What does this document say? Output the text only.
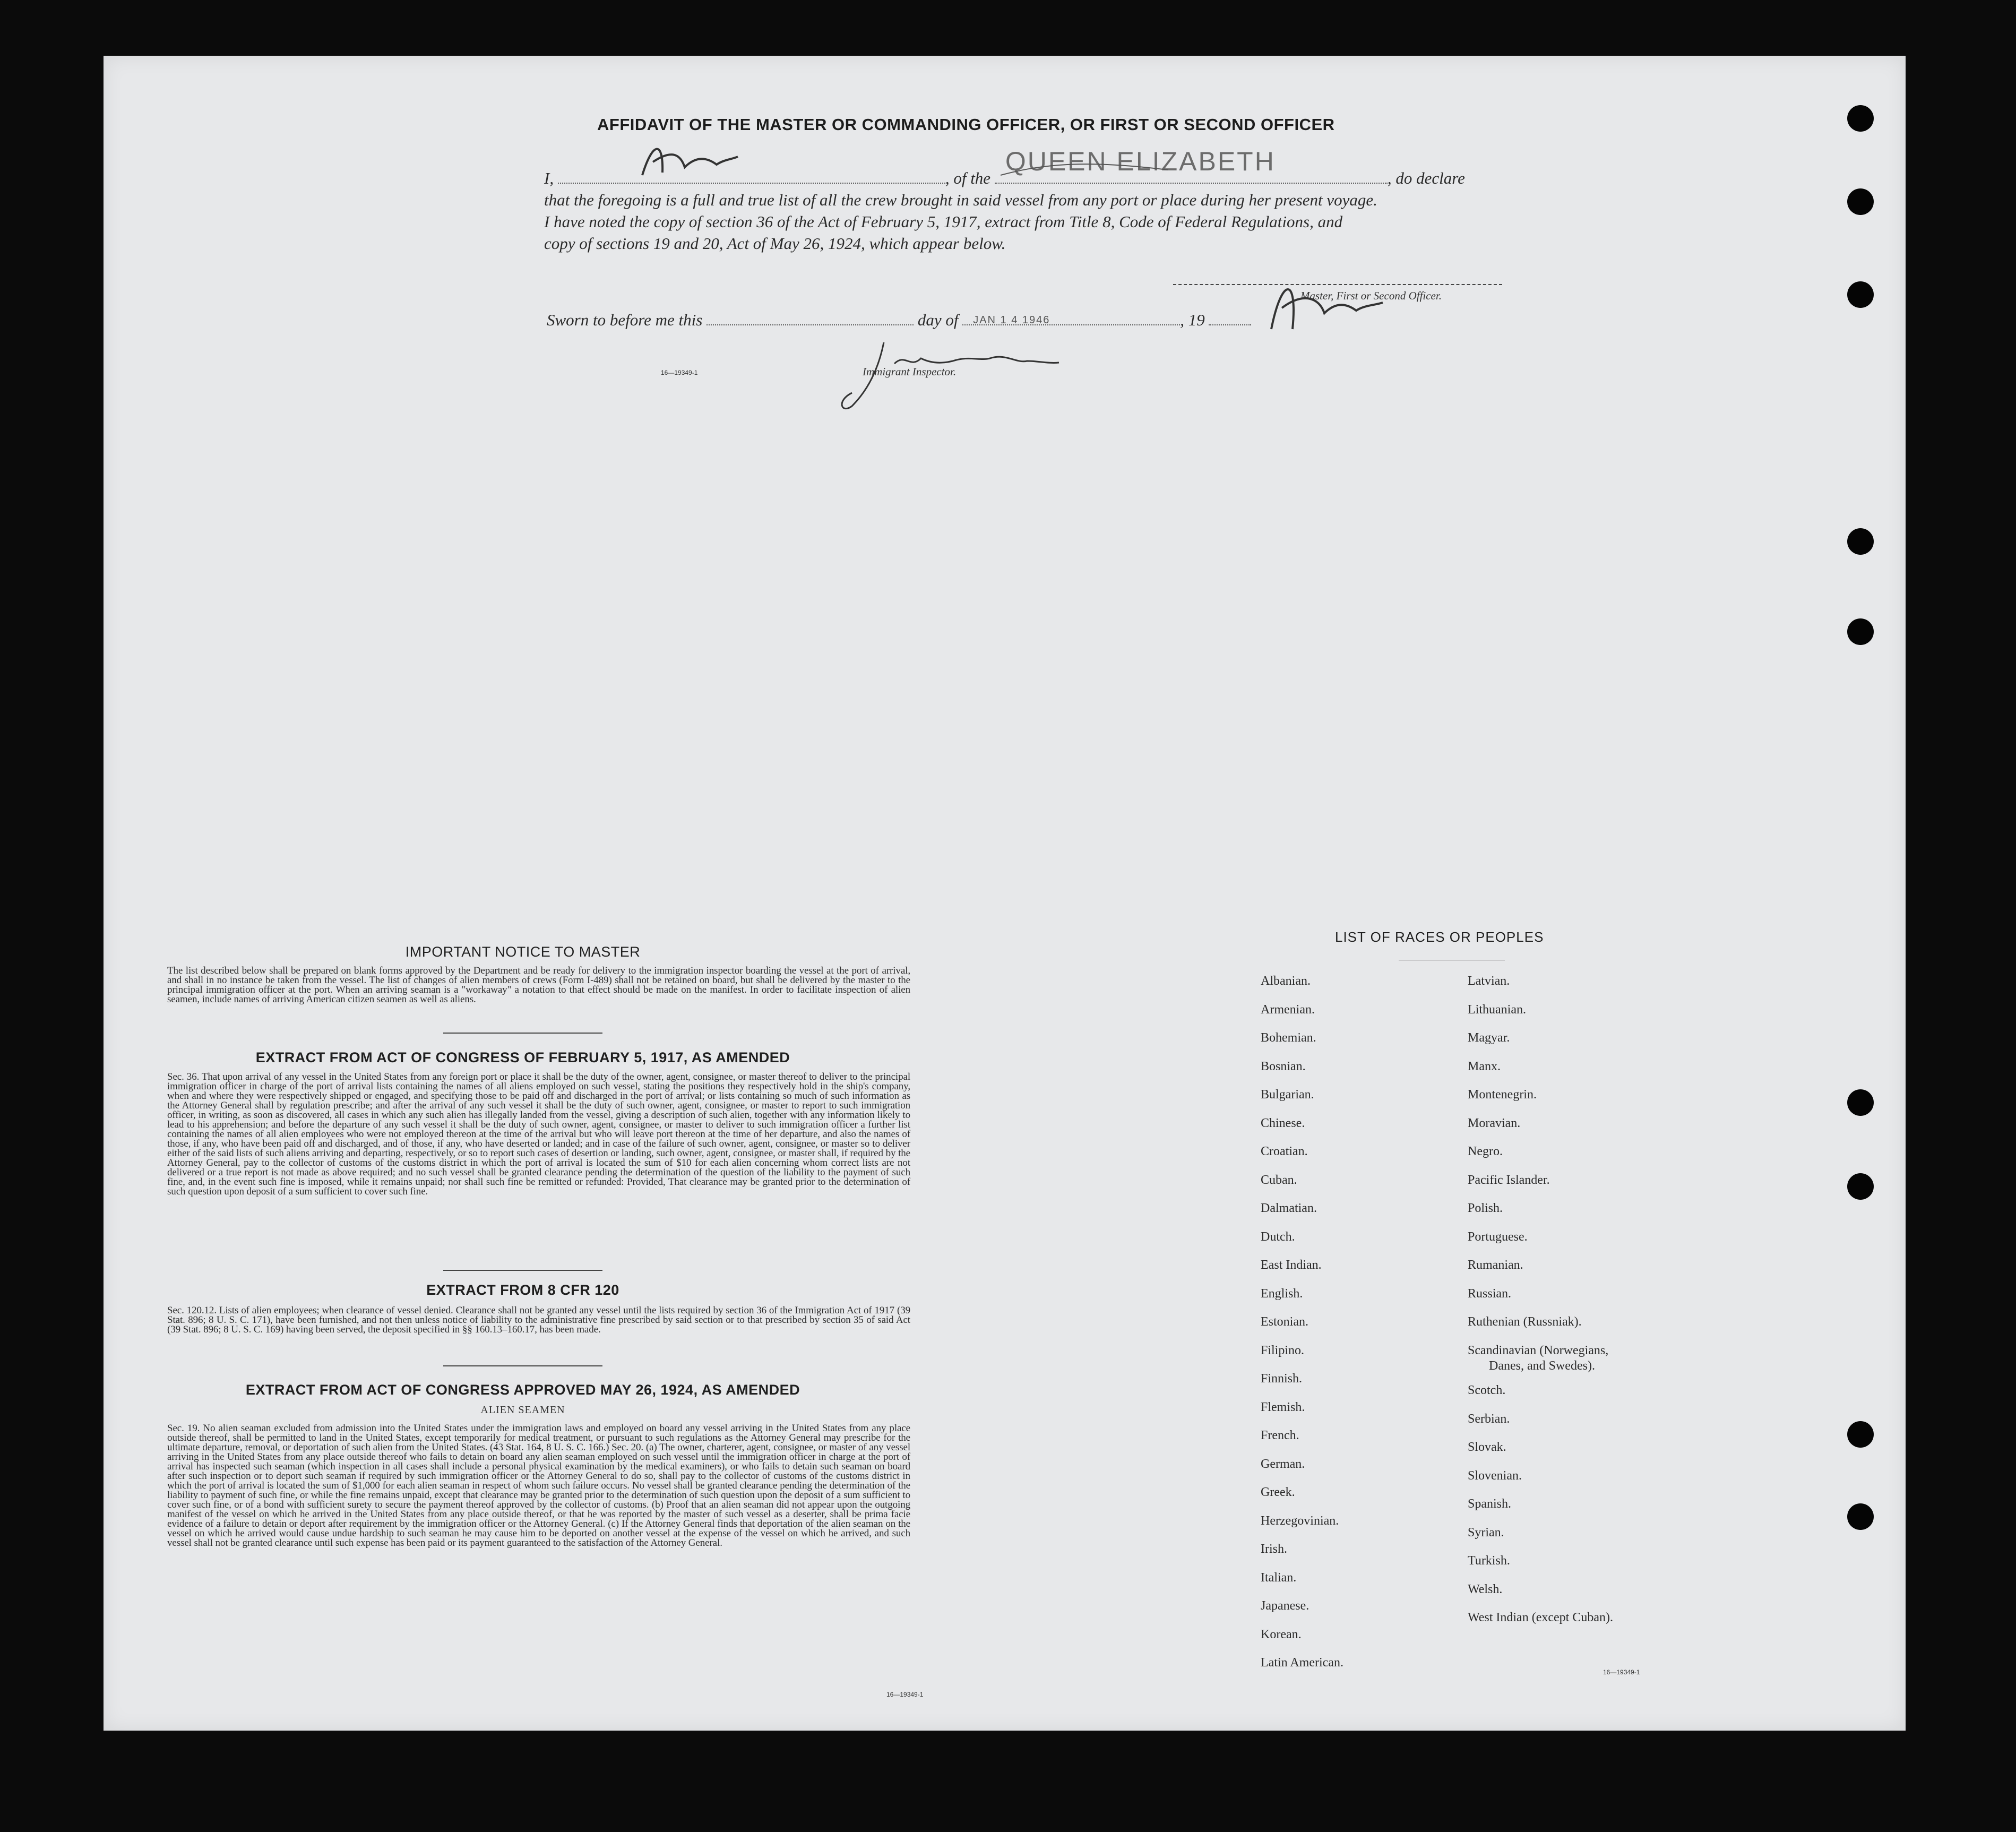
AFFIDAVIT OF THE MASTER OR COMMANDING OFFICER, OR FIRST OR SECOND OFFICER
I,	, of the
QUEEN ELIZABETH
, do declare
that the foregoing is a full and true list of all the crew brought in said vessel from any port or place during her present voyage.
I have noted the copy of section 36 of the Act of February 5, 1917, extract from Title 8, Code of Federal Regulations, and
copy of sections 19 and 20, Act of May 26, 1924, which appear below.
Master, First or Second Officer.
Sworn to before me this	day of JAN 1 4 1946	, 19
16—19349-1	Immigrant Inspector.
IMPORTANT NOTICE TO MASTER
The list described below shall be prepared on blank forms approved by the Department and be ready for delivery to the immigration inspector boarding the vessel at the port of arrival, and shall in no instance be taken from the vessel. The list of changes of alien members of crews (Form I-489) shall not be retained on board, but shall be delivered by the master to the principal immigration officer at the port. When an arriving seaman is a "workaway" a notation to that effect should be made on the manifest. In order to facilitate inspection of alien seamen, include names of arriving American citizen seamen as well as aliens.
EXTRACT FROM ACT OF CONGRESS OF FEBRUARY 5, 1917, AS AMENDED
Sec. 36. That upon arrival of any vessel in the United States from any foreign port or place it shall be the duty of the owner, agent, consignee, or master thereof to deliver to the principal immigration officer in charge of the port of arrival lists containing the names of all aliens employed on such vessel, stating the positions they respectively hold in the ship's company, when and where they were respectively shipped or engaged, and specifying those to be paid off and discharged in the port of arrival; or lists containing so much of such information as the Attorney General shall by regulation prescribe; and after the arrival of any such vessel it shall be the duty of such owner, agent, consignee, or master to report to such immigration officer, in writing, as soon as discovered, all cases in which any such alien has illegally landed from the vessel, giving a description of such alien, together with any information likely to lead to his apprehension; and before the departure of any such vessel it shall be the duty of such owner, agent, consignee, or master to deliver to such immigration officer a further list containing the names of all alien employees who were not employed thereon at the time of the arrival but who will leave port thereon at the time of her departure, and also the names of those, if any, who have been paid off and discharged, and of those, if any, who have deserted or landed; and in case of the failure of such owner, agent, consignee, or master so to deliver either of the said lists of such aliens arriving and departing, respectively, or so to report such cases of desertion or landing, such owner, agent, consignee, or master shall, if required by the Attorney General, pay to the collector of customs of the customs district in which the port of arrival is located the sum of $10 for each alien concerning whom correct lists are not delivered or a true report is not made as above required; and no such vessel shall be granted clearance pending the determination of the question of the liability to the payment of such fine, and, in the event such fine is imposed, while it remains unpaid; nor shall such fine be remitted or refunded: Provided, That clearance may be granted prior to the determination of such question upon deposit of a sum sufficient to cover such fine.
EXTRACT FROM 8 CFR 120
Sec. 120.12. Lists of alien employees; when clearance of vessel denied. Clearance shall not be granted any vessel until the lists required by section 36 of the Immigration Act of 1917 (39 Stat. 896; 8 U. S. C. 171), have been furnished, and not then unless notice of liability to the administrative fine prescribed by said section or to that prescribed by section 35 of said Act (39 Stat. 896; 8 U. S. C. 169) having been served, the deposit specified in §§ 160.13–160.17, has been made.
EXTRACT FROM ACT OF CONGRESS APPROVED MAY 26, 1924, AS AMENDED
ALIEN SEAMEN
Sec. 19. No alien seaman excluded from admission into the United States under the immigration laws and employed on board any vessel arriving in the United States from any place outside thereof, shall be permitted to land in the United States, except temporarily for medical treatment, or pursuant to such regulations as the Attorney General may prescribe for the ultimate departure, removal, or deportation of such alien from the United States. (43 Stat. 164, 8 U. S. C. 166.) Sec. 20. (a) The owner, charterer, agent, consignee, or master of any vessel arriving in the United States from any place outside thereof who fails to detain on board any alien seaman employed on such vessel until the immigration officer in charge at the port of arrival has inspected such seaman (which inspection in all cases shall include a personal physical examination by the medical examiners), or who fails to detain such seaman on board after such inspection or to deport such seaman if required by such immigration officer or the Attorney General to do so, shall pay to the collector of customs of the customs district in which the port of arrival is located the sum of $1,000 for each alien seaman in respect of whom such failure occurs. No vessel shall be granted clearance pending the determination of the liability to payment of such fine, or while the fine remains unpaid, except that clearance may be granted prior to the determination of such question upon the deposit of a sum sufficient to cover such fine, or of a bond with sufficient surety to secure the payment thereof approved by the collector of customs. (b) Proof that an alien seaman did not appear upon the outgoing manifest of the vessel on which he arrived in the United States from any place outside thereof, or that he was reported by the master of such vessel as a deserter, shall be prima facie evidence of a failure to detain or deport after requirement by the immigration officer or the Attorney General. (c) If the Attorney General finds that deportation of the alien seaman on the vessel on which he arrived would cause undue hardship to such seaman he may cause him to be deported on another vessel at the expense of the vessel on which he arrived, and such vessel shall not be granted clearance until such expense has been paid or its payment guaranteed to the satisfaction of the Attorney General.
16—19349-1
LIST OF RACES OR PEOPLES
Albanian.
Armenian.
Bohemian.
Bosnian.
Bulgarian.
Chinese.
Croatian.
Cuban.
Dalmatian.
Dutch.
East Indian.
English.
Estonian.
Filipino.
Finnish.
Flemish.
French.
German.
Greek.
Herzegovinian.
Irish.
Italian.
Japanese.
Korean.
Latin American.
Latvian.
Lithuanian.
Magyar.
Manx.
Montenegrin.
Moravian.
Negro.
Pacific Islander.
Polish.
Portuguese.
Rumanian.
Russian.
Ruthenian (Russniak).
Scandinavian (Norwegians,
Danes, and Swedes).
Scotch.
Serbian.
Slovak.
Slovenian.
Spanish.
Syrian.
Turkish.
Welsh.
West Indian (except Cuban).
16—19349-1
